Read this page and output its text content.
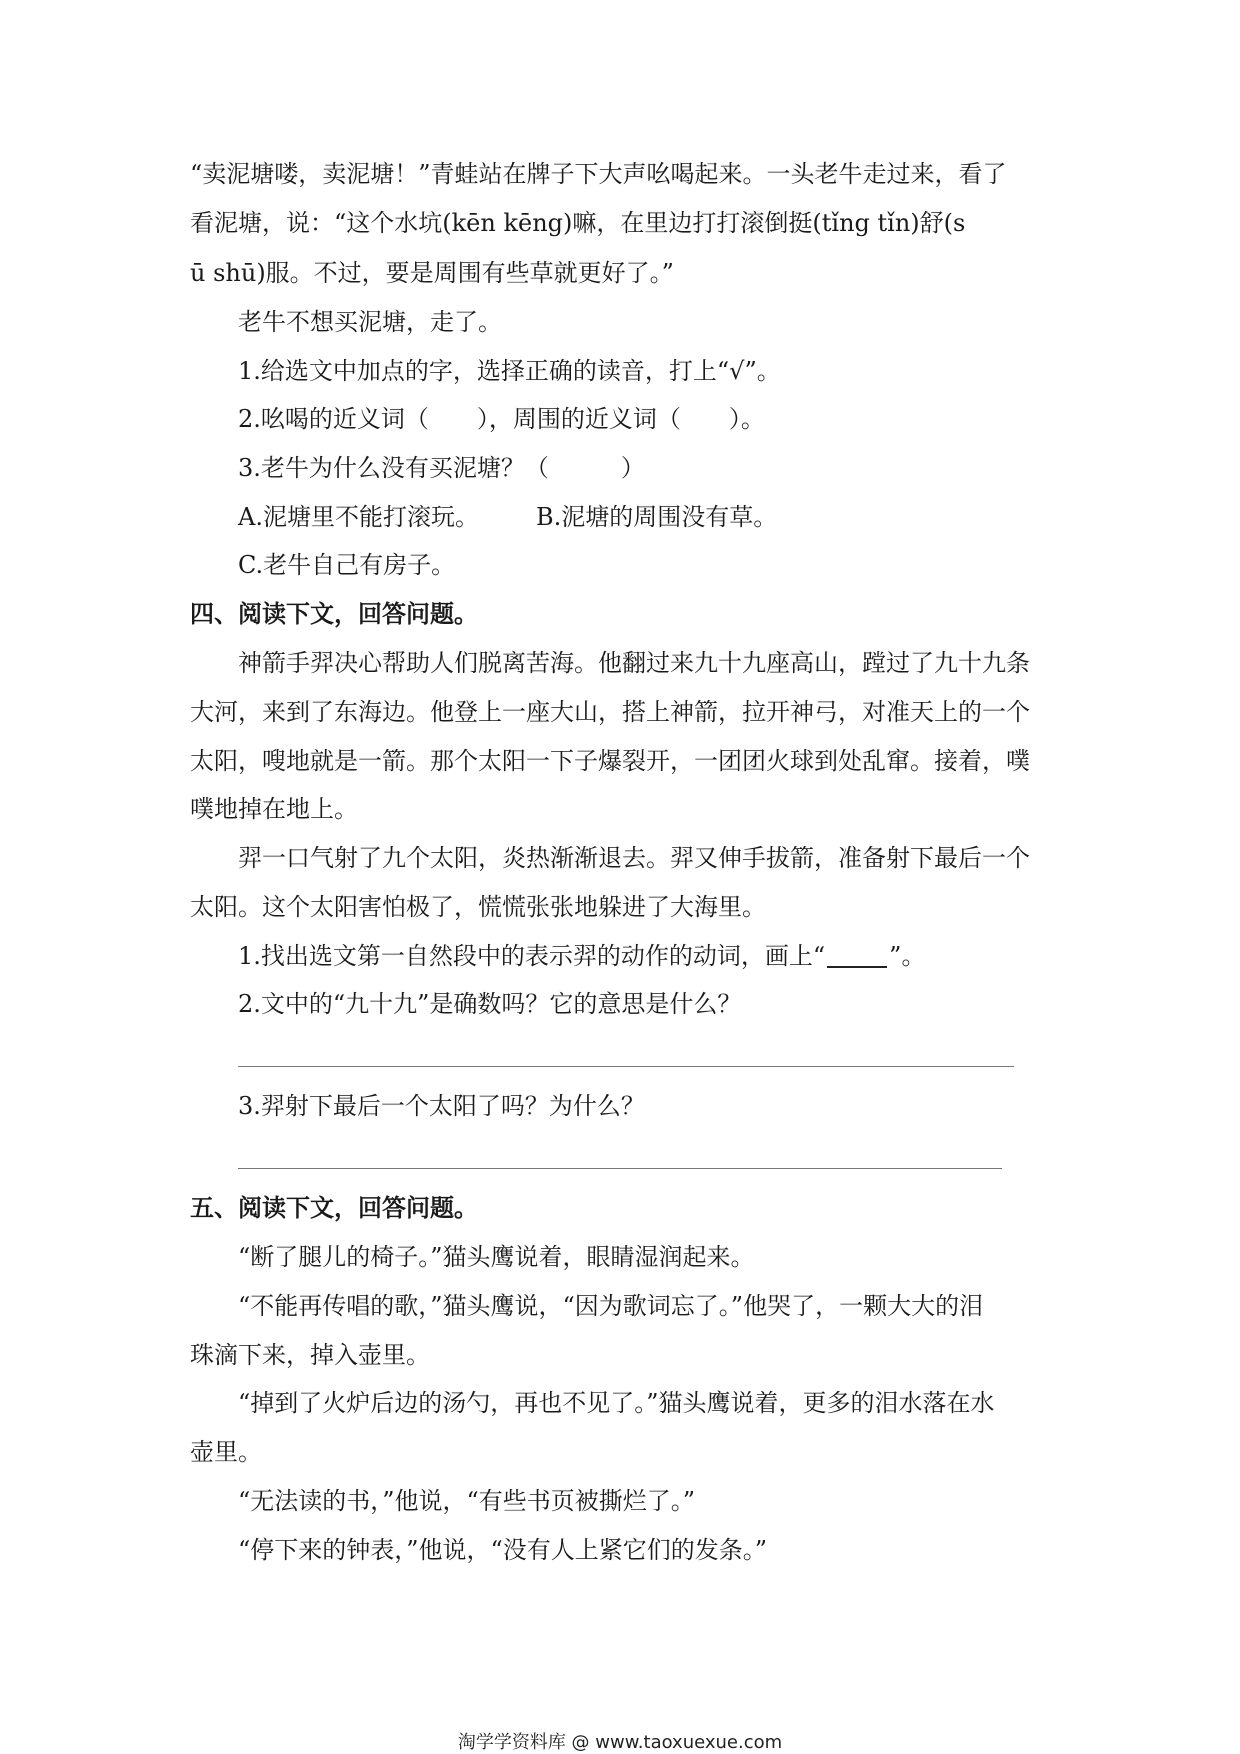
“卖泥塘喽，卖泥塘！”青蛙站在牌子下大声吆喝起来。一头老牛走过来，看了

看泥塘，说：“这个水坑(kēn kēng)嘛，在里边打打滚倒挺(tǐng tǐn)舒(s

ū shū)服。不过，要是周围有些草就更好了。”

老牛不想买泥塘，走了。

1.给选文中加点的字，选择正确的读音，打上“√”。

2.吆喝的近义词（　　），周围的近义词（　　）。

3.老牛为什么没有买泥塘？（　　　）

A.泥塘里不能打滚玩。 B.泥塘的周围没有草。

C.老牛自己有房子。

四、阅读下文，回答问题。

神箭手羿决心帮助人们脱离苦海。他翻过来九十九座高山，蹚过了九十九条

大河，来到了东海边。他登上一座大山，搭上神箭，拉开神弓，对准天上的一个

太阳，嗖地就是一箭。那个太阳一下子爆裂开，一团团火球到处乱窜。接着，噗

噗地掉在地上。

羿一口气射了九个太阳，炎热渐渐退去。羿又伸手拔箭，准备射下最后一个

太阳。这个太阳害怕极了，慌慌张张地躲进了大海里。

1.找出选文第一自然段中的表示羿的动作的动词，画上“	”。

2.文中的“九十九”是确数吗？它的意思是什么？

3.羿射下最后一个太阳了吗？为什么？

五、阅读下文，回答问题。

“断了腿儿的椅子。”猫头鹰说着，眼睛湿润起来。

“不能再传唱的歌，”猫头鹰说，“因为歌词忘了。”他哭了，一颗大大的泪

珠滴下来，掉入壶里。

“掉到了火炉后边的汤勺，再也不见了。”猫头鹰说着，更多的泪水落在水

壶里。

“无法读的书，”他说，“有些书页被撕烂了。”

“停下来的钟表，”他说，“没有人上紧它们的发条。”

淘学学资料库 @ www.taoxuexue.com
